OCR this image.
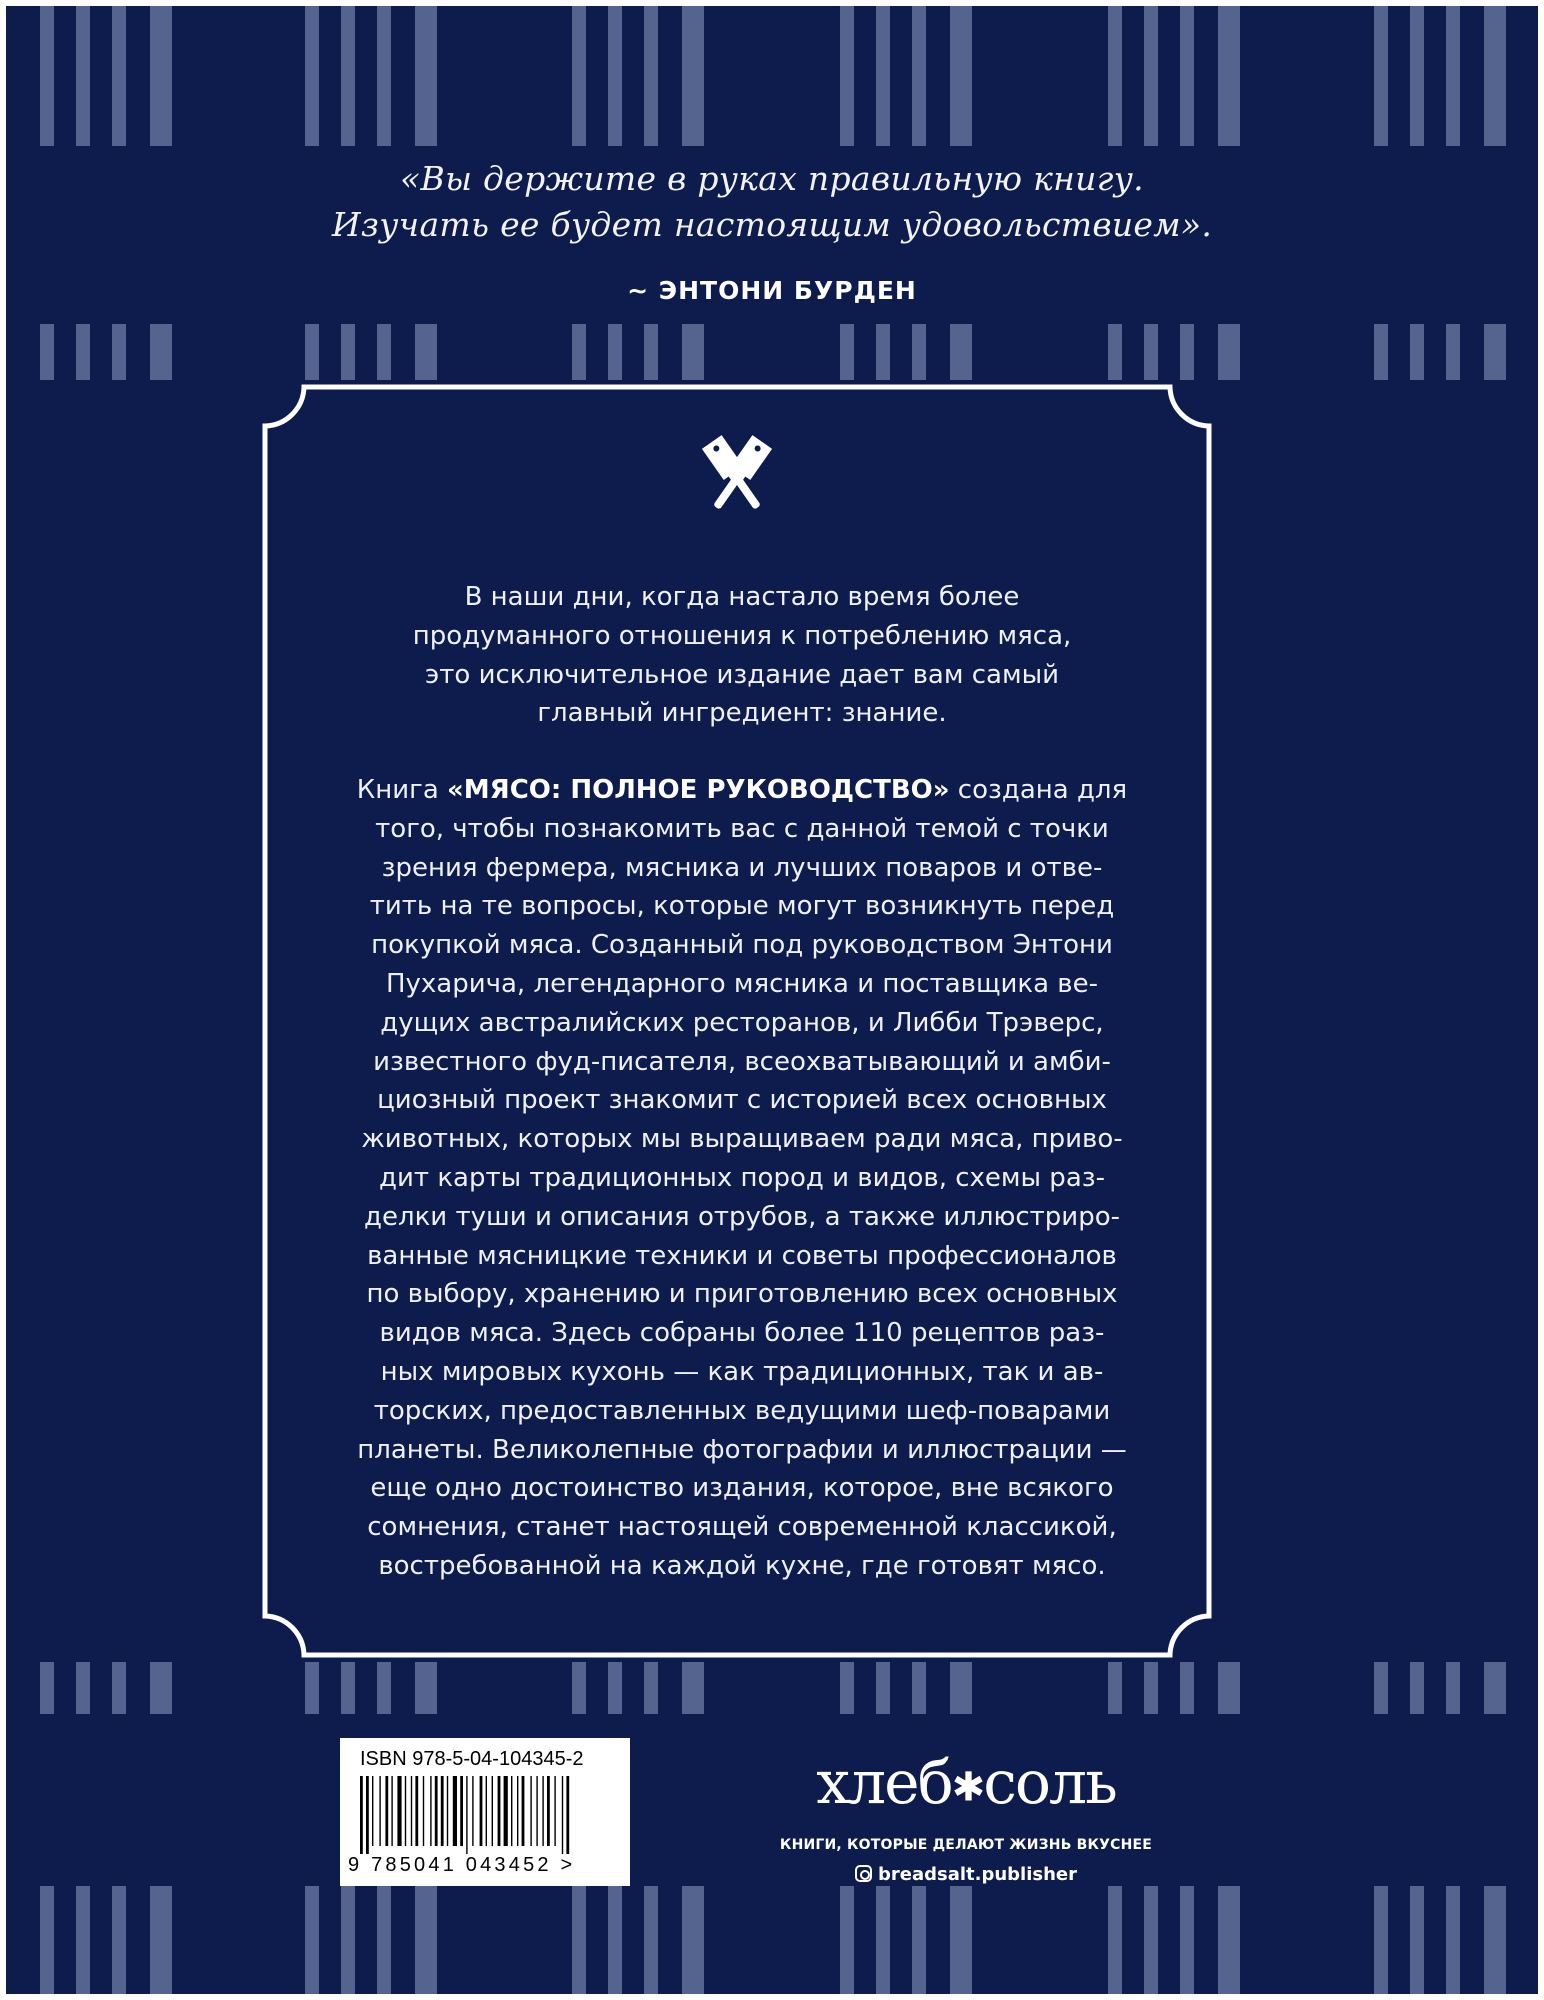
«Вы держите в руках правильную книгу.
Изучать ее будет настоящим удовольствием».
~ ЭНТОНИ БУРДЕН
В наши дни, когда настало время более
продуманного отношения к потреблению мяса,
это исключительное издание дает вам самый
главный ингредиент: знание.
Книга «МЯСО: ПОЛНОЕ РУКОВОДСТВО» создана для
того, чтобы познакомить вас с данной темой с точки
зрения фермера, мясника и лучших поваров и отве-
тить на те вопросы, которые могут возникнуть перед
покупкой мяса. Созданный под руководством Энтони
Пухарича, легендарного мясника и поставщика ве-
дущих австралийских ресторанов, и Либби Трэверс,
известного фуд-писателя, всеохватывающий и амби-
циозный проект знакомит с историей всех основных
животных, которых мы выращиваем ради мяса, приво-
дит карты традиционных пород и видов, схемы раз-
делки туши и описания отрубов, а также иллюстриро-
ванные мясницкие техники и советы профессионалов
по выбору, хранению и приготовлению всех основных
видов мяса. Здесь собраны более 110 рецептов раз-
ных мировых кухонь — как традиционных, так и ав-
торских, предоставленных ведущими шеф-поварами
планеты. Великолепные фотографии и иллюстрации —
еще одно достоинство издания, которое, вне всякого
сомнения, станет настоящей современной классикой,
востребованной на каждой кухне, где готовят мясо.
ISBN 978-5-04-104345-2
9 785041 043452 >
хлеб✱соль
КНИГИ, КОТОРЫЕ ДЕЛАЮТ ЖИЗНЬ ВКУСНЕЕ
breadsalt.publisher
